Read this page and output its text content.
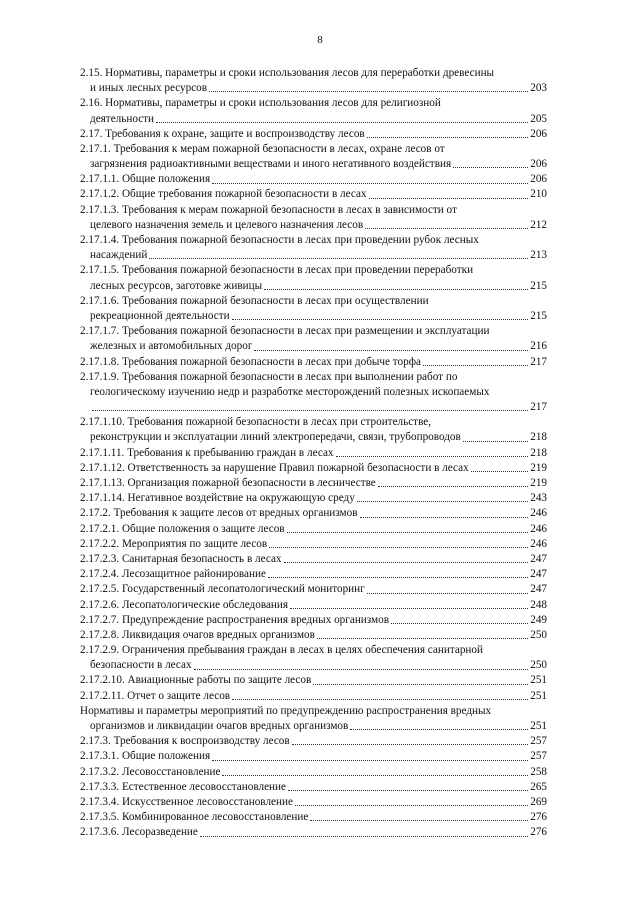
8
2.15. Нормативы, параметры и сроки использования лесов для переработки древесины
и иных лесных ресурсов	203
2.16. Нормативы, параметры и сроки использования лесов для религиозной
деятельности	205
2.17. Требования к охране, защите и воспроизводству лесов	206
2.17.1. Требования к мерам пожарной безопасности в лесах, охране лесов от
загрязнения радиоактивными веществами и иного негативного воздействия	206
2.17.1.1. Общие положения	206
2.17.1.2. Общие требования пожарной безопасности в лесах	210
2.17.1.3. Требования к мерам пожарной безопасности в лесах в зависимости от
целевого назначения земель и целевого назначения лесов	212
2.17.1.4. Требования пожарной безопасности в лесах при проведении рубок лесных
насаждений	213
2.17.1.5. Требования пожарной безопасности в лесах при проведении переработки
лесных ресурсов, заготовке живицы	215
2.17.1.6. Требования пожарной безопасности в лесах при осуществлении
рекреационной деятельности	215
2.17.1.7. Требования пожарной безопасности в лесах при размещении и эксплуатации
железных и автомобильных дорог	216
2.17.1.8. Требования пожарной безопасности в лесах при добыче торфа	217
2.17.1.9. Требования пожарной безопасности в лесах при выполнении работ по
геологическому изучению недр и разработке месторождений полезных ископаемых
217
2.17.1.10. Требования пожарной безопасности в лесах при строительстве,
реконструкции и эксплуатации линий электропередачи, связи, трубопроводов	218
2.17.1.11. Требования к пребыванию граждан в лесах	218
2.17.1.12. Ответственность за нарушение Правил пожарной безопасности в лесах	219
2.17.1.13. Организация пожарной безопасности в лесничестве	219
2.17.1.14. Негативное воздействие на окружающую среду	243
2.17.2. Требования к защите лесов от вредных организмов	246
2.17.2.1. Общие положения о защите лесов	246
2.17.2.2. Мероприятия по защите лесов	246
2.17.2.3. Санитарная безопасность в лесах	247
2.17.2.4. Лесозащитное районирование	247
2.17.2.5. Государственный лесопатологический мониторинг	247
2.17.2.6. Лесопатологические обследования	248
2.17.2.7. Предупреждение распространения вредных организмов	249
2.17.2.8. Ликвидация очагов вредных организмов	250
2.17.2.9. Ограничения пребывания граждан в лесах в целях обеспечения санитарной
безопасности в лесах	250
2.17.2.10. Авиационные работы по защите лесов	251
2.17.2.11. Отчет о защите лесов	251
Нормативы и параметры мероприятий по предупреждению распространения вредных
организмов и ликвидации очагов вредных организмов	251
2.17.3. Требования к воспроизводству лесов	257
2.17.3.1. Общие положения	257
2.17.3.2. Лесовосстановление	258
2.17.3.3. Естественное лесовосстановление	265
2.17.3.4. Искусственное лесовосстановление	269
2.17.3.5. Комбинированное лесовосстановление	276
2.17.3.6. Лесоразведение	276
